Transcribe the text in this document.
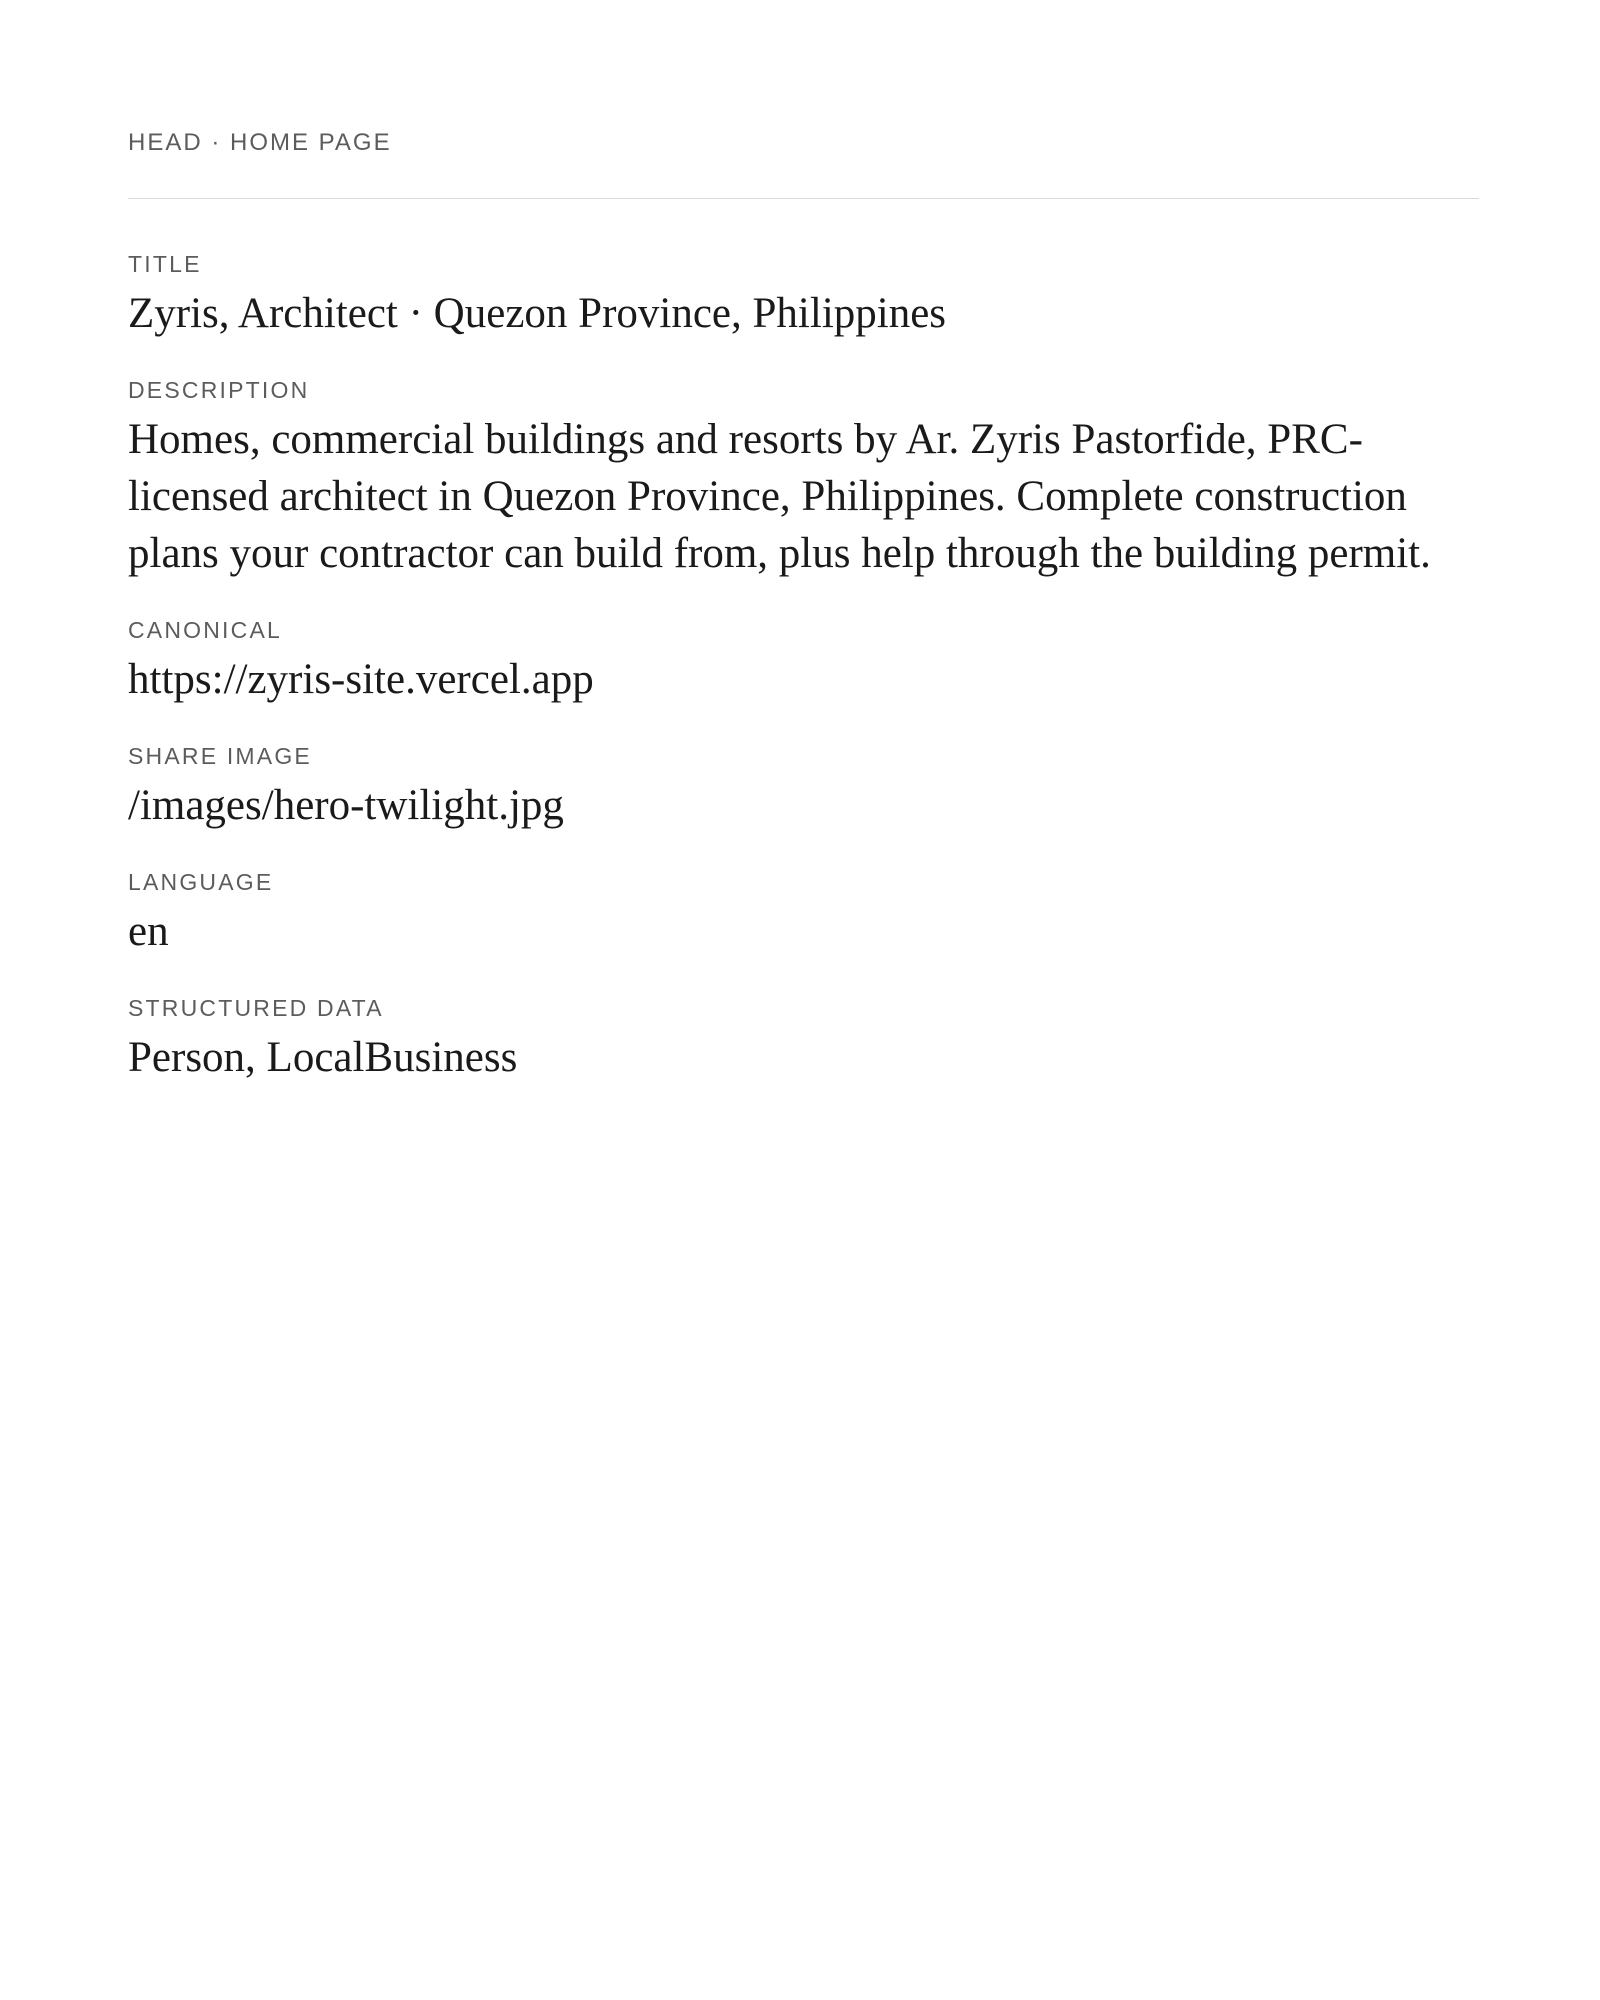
HEAD · HOME PAGE
TITLE
Zyris, Architect · Quezon Province, Philippines
DESCRIPTION
Homes, commercial buildings and resorts by Ar. Zyris Pastorfide, PRC-licensed architect in Quezon Province, Philippines. Complete construction plans your contractor can build from, plus help through the building permit.
CANONICAL
https://zyris-site.vercel.app
SHARE IMAGE
/images/hero-twilight.jpg
LANGUAGE
en
STRUCTURED DATA
Person, LocalBusiness
